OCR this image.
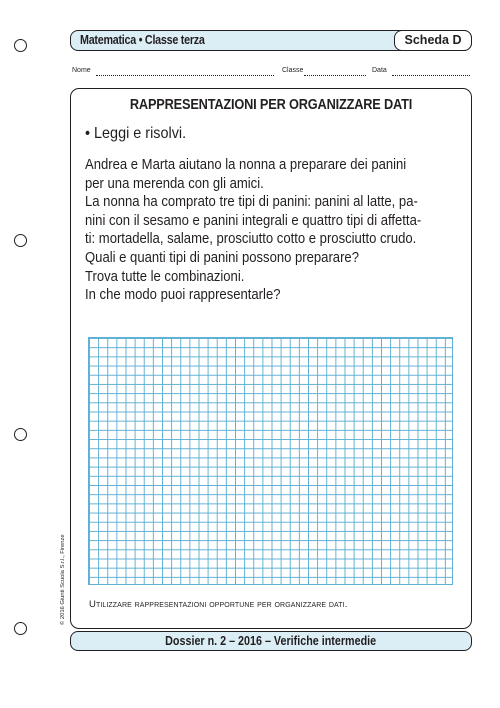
Matematica • Classe terza	Scheda D
Nome	Classe	Data
RAPPRESENTAZIONI PER ORGANIZZARE DATI
• Leggi e risolvi.
Andrea e Marta aiutano la nonna a preparare dei panini
per una merenda con gli amici.
La nonna ha comprato tre tipi di panini: panini al latte, pa-
nini con il sesamo e panini integrali e quattro tipi di affetta-
ti: mortadella, salame, prosciutto cotto e prosciutto crudo.
Quali e quanti tipi di panini possono preparare?
Trova tutte le combinazioni.
In che modo puoi rappresentarle?
Utilizzare rappresentazioni opportune per organizzare dati.
© 2016 Giunti Scuola S.r.l., Firenze
Dossier n. 2 – 2016 – Verifiche intermedie
